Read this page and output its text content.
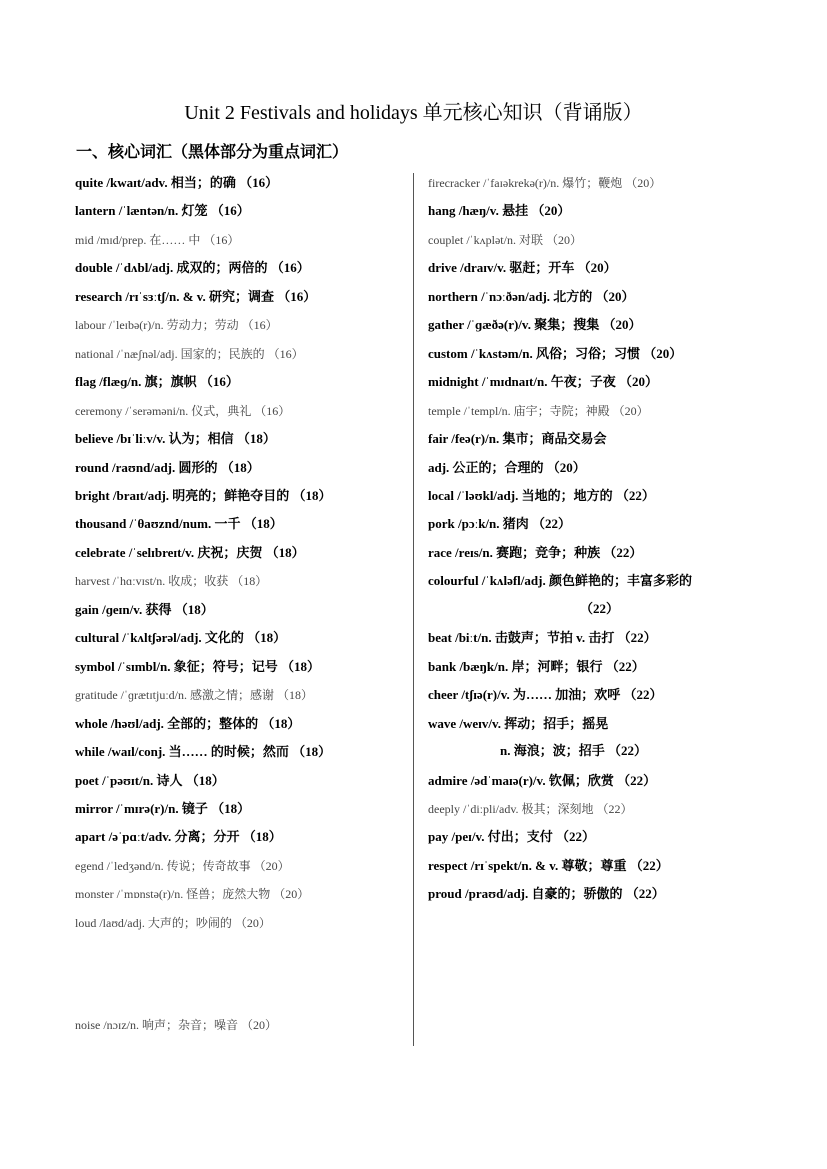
Unit 2 Festivals and holidays 单元核心知识（背诵版）
一、核心词汇（黑体部分为重点词汇）
quite /kwaɪt/adv. 相当；的确 （16）
lantern /ˈlæntən/n. 灯笼 （16）
mid /mɪd/prep. 在…… 中 （16）
double /ˈdʌbl/adj. 成双的；两倍的 （16）
research /rɪˈsɜːtʃ/n. & v. 研究；调查 （16）
labour /ˈleɪbə(r)/n. 劳动力；劳动 （16）
national /ˈnæʃnəl/adj. 国家的；民族的 （16）
flag /flæɡ/n. 旗；旗帜 （16）
ceremony /ˈserəməni/n. 仪式，典礼 （16）
believe /bɪˈliːv/v. 认为；相信 （18）
round /raʊnd/adj. 圆形的 （18）
bright /braɪt/adj. 明亮的；鲜艳夺目的 （18）
thousand /ˈθaʊznd/num. 一千 （18）
celebrate /ˈselɪbreɪt/v. 庆祝；庆贺 （18）
harvest /ˈhɑːvɪst/n. 收成；收获 （18）
gain /ɡeɪn/v. 获得 （18）
cultural /ˈkʌltʃərəl/adj. 文化的 （18）
symbol /ˈsɪmbl/n. 象征；符号；记号 （18）
gratitude /ˈɡrætɪtjuːd/n. 感激之情；感谢 （18）
whole /həʊl/adj. 全部的；整体的 （18）
while /waɪl/conj. 当…… 的时候；然而 （18）
poet /ˈpəʊɪt/n. 诗人 （18）
mirror /ˈmɪrə(r)/n. 镜子 （18）
apart /əˈpɑːt/adv. 分离；分开 （18）
egend /ˈledʒənd/n. 传说；传奇故事 （20）
monster /ˈmɒnstə(r)/n. 怪兽；庞然大物 （20）
loud /laʊd/adj. 大声的；吵闹的 （20）
noise /nɔɪz/n. 响声；杂音；噪音 （20）
firecracker /ˈfaɪəkrekə(r)/n. 爆竹；鞭炮 （20）
hang /hæŋ/v. 悬挂 （20）
couplet /ˈkʌplət/n. 对联 （20）
drive /draɪv/v. 驱赶；开车 （20）
northern /ˈnɔːðən/adj. 北方的 （20）
gather /ˈɡæðə(r)/v. 聚集；搜集 （20）
custom /ˈkʌstəm/n. 风俗；习俗；习惯 （20）
midnight /ˈmɪdnaɪt/n. 午夜；子夜 （20）
temple /ˈtempl/n. 庙宇；寺院；神殿 （20）
fair /feə(r)/n. 集市；商品交易会
adj. 公正的；合理的 （20）
local /ˈləʊkl/adj. 当地的；地方的 （22）
pork /pɔːk/n. 猪肉 （22）
race /reɪs/n. 赛跑；竞争；种族 （22）
colourful /ˈkʌləfl/adj. 颜色鲜艳的；丰富多彩的
（22）
beat /biːt/n. 击鼓声；节拍 v. 击打 （22）
bank /bæŋk/n. 岸；河畔；银行 （22）
cheer /tʃɪə(r)/v. 为…… 加油；欢呼 （22）
wave /weɪv/v. 挥动；招手；摇晃
n. 海浪；波；招手 （22）
admire /ədˈmaɪə(r)/v. 钦佩；欣赏 （22）
deeply /ˈdiːpli/adv. 极其；深刻地 （22）
pay /peɪ/v. 付出；支付 （22）
respect /rɪˈspekt/n. & v. 尊敬；尊重 （22）
proud /praʊd/adj. 自豪的；骄傲的 （22）
